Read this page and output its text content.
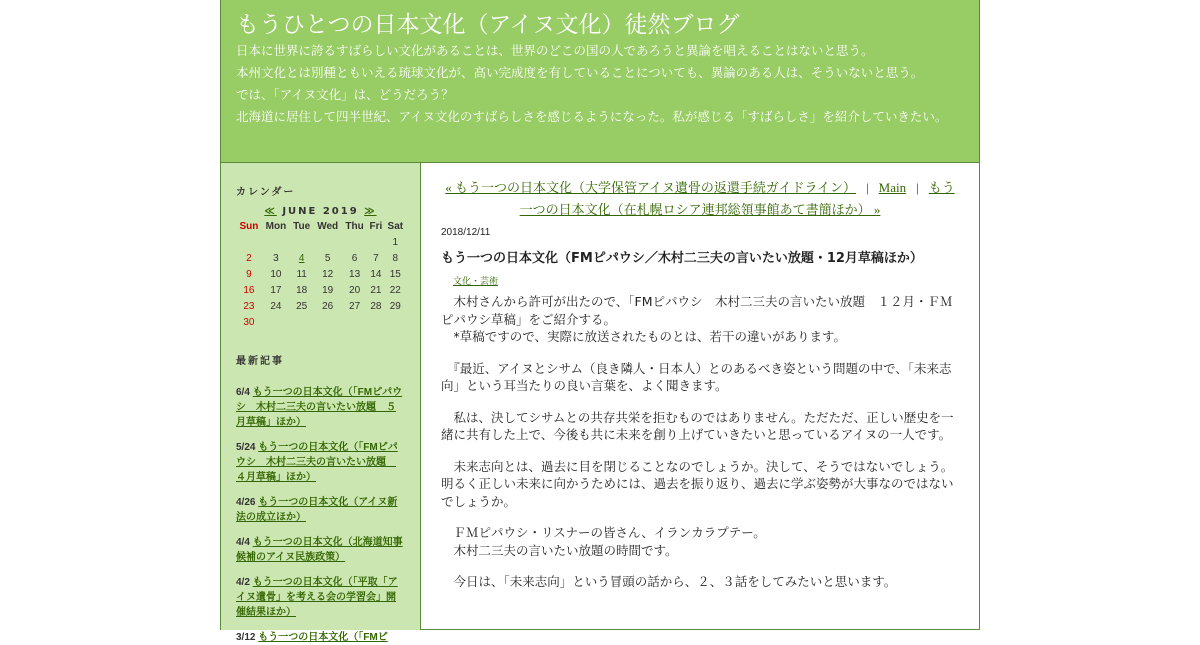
もうひとつの日本文化（アイヌ文化）徒然ブログ
日本に世界に誇るすばらしい文化があることは、世界のどこの国の人であろうと異論を唱えることはないと思う。
本州文化とは別種ともいえる琉球文化が、高い完成度を有していることについても、異論のある人は、そういないと思う。
では、「アイヌ文化」は、どうだろう？
北海道に居住して四半世紀、アイヌ文化のすばらしさを感じるようになった。私が感じる「すばらしさ」を紹介していきたい。
カレンダー
≪ JUNE 2019 ≫
Sun	Mon	Tue	Wed	Thu	Fri	Sat
						1
2	3	4	5	6	7	8
9	10	11	12	13	14	15
16	17	18	19	20	21	22
23	24	25	26	27	28	29
30						
最新記事
6/4 もう一つの日本文化（「FMピパウシ　木村二三夫の言いたい放題　５月草稿」ほか）
5/24 もう一つの日本文化（「FMピパウシ　木村二三夫の言いたい放題　４月草稿」ほか）
4/26 もう一つの日本文化（アイヌ新法の成立ほか）
4/4 もう一つの日本文化（北海道知事候補のアイヌ民族政策）
4/2 もう一つの日本文化（「平取「アイヌ遺骨」を考える会の学習会」開催結果ほか）
3/12 もう一つの日本文化（「FMピ
« もう一つの日本文化（大学保管アイヌ遺骨の返還手続ガイドライン） | Main | もう一つの日本文化（在札幌ロシア連邦総領事館あて書簡ほか） »
2018/12/11
もう一つの日本文化（FMピパウシ／木村二三夫の言いたい放題・12月草稿ほか）
文化・芸術

　木村さんから許可が出たので、「FMピパウシ　木村二三夫の言いたい放題　１２月・ＦＭピパウシ草稿」をご紹介する。
　*草稿ですので、実際に放送されたものとは、若干の違いがあります。

　『最近、アイヌとシサム（良き隣人・日本人）とのあるべき姿という問題の中で、「未来志向」という耳当たりの良い言葉を、よく聞きます。

　私は、決してシサムとの共存共栄を拒むものではありません。ただただ、正しい歴史を一緒に共有した上で、今後も共に未来を創り上げていきたいと思っているアイヌの一人です。

　未来志向とは、過去に目を閉じることなのでしょうか。決して、そうではないでしょう。明るく正しい未来に向かうためには、過去を振り返り、過去に学ぶ姿勢が大事なのではないでしょうか。

　ＦＭピパウシ・リスナーの皆さん、イランカラプテー。
　木村二三夫の言いたい放題の時間です。

　今日は、「未来志向」という冒頭の話から、２、３話をしてみたいと思います。
